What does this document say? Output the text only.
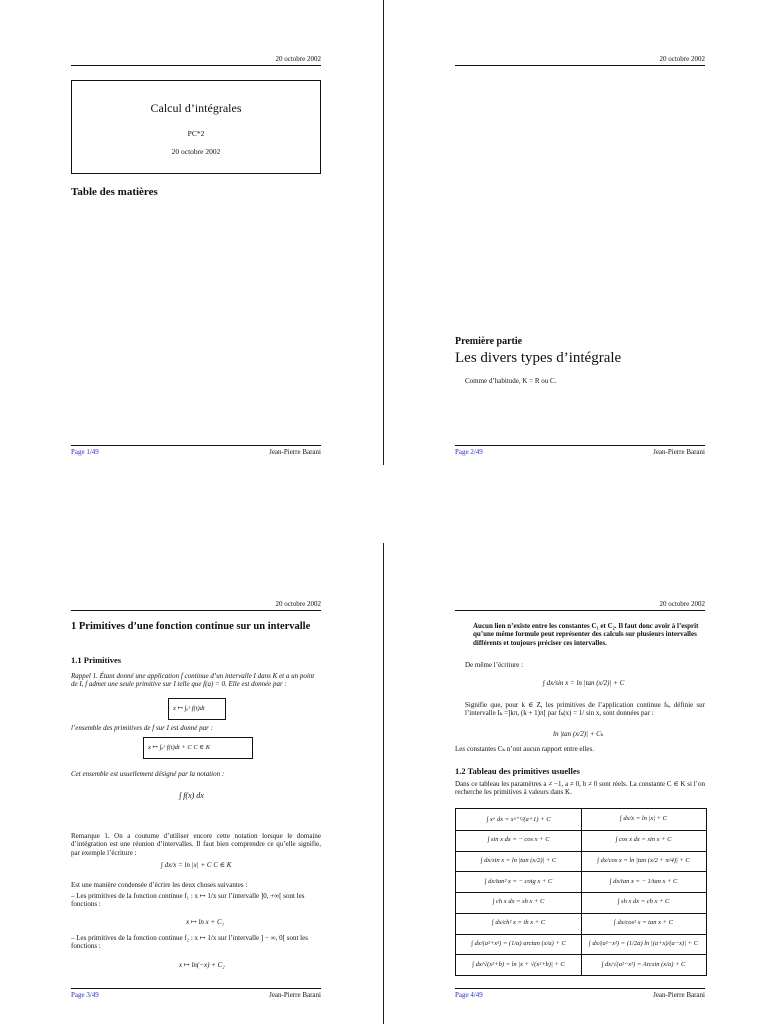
20 octobre 2002
Calcul d’intégrales
PC*2
20 octobre 2002
Table des matières
Page 1/49	Jean-Pierre Barani
20 octobre 2002
Première partie
Les divers types d’intégrale
Comme d’habitude, K = R ou C.
Page 2/49	Jean-Pierre Barani
20 octobre 2002
1 Primitives d’une fonction continue sur un intervalle
1.1 Primitives
Rappel 1. Étant donné une application f continue d’un intervalle I dans K et a un point de I, f admet une seule primitive sur I telle que f(a) = 0. Elle est donnée par :
x ↦ ∫ₐˣ f(t)dt
l’ensemble des primitives de f sur I est donné par :
x ↦ ∫ₐˣ f(t)dt + C C ∈ K
Cet ensemble est usuellement désigné par la notation :
∫ f(x) dx
Remarque 1. On a coutume d’utiliser encore cette notation lorsque le domaine d’intégration est une réunion d’intervalles. Il faut bien comprendre ce qu’elle signifie, par exemple l’écriture :
∫ dx/x = ln |x| + C C ∈ K
Est une manière condensée d’écrire les deux choses suivantes :
– Les primitives de la fonction continue f₁ : x ↦ 1/x sur l’intervalle ]0, +∞[ sont les fonctions :
x ↦ ln x + C₁
– Les primitives de la fonction continue f₂ : x ↦ 1/x sur l’intervalle ] − ∞, 0[ sont les fonctions :
x ↦ ln(−x) + C₂
Page 3/49	Jean-Pierre Barani
20 octobre 2002
Aucun lien n’existe entre les constantes C₁ et C₂. Il faut donc avoir à l’esprit qu’une même formule peut représenter des calculs sur plusieurs intervalles différents et toujours préciser ces intervalles.
De même l’écriture :
∫ dx/sin x = ln |tan (x/2)| + C
Signifie que, pour k ∈ Z, les primitives de l’application continue fₖ, définie sur l’intervalle Iₖ =]kπ, (k + 1)π[ par fₖ(x) = 1/ sin x, sont données par :
ln |tan (x/2)| + Cₖ
Les constantes Cₖ n’ont aucun rapport entre elles.
1.2 Tableau des primitives usuelles
Dans ce tableau les paramètres a ≠ −1, a ≠ 0, b ≠ 0 sont réels. La constante C ∈ K si l’on recherche les primitives à valeurs dans K.
∫ xᵃ dx = xᵃ⁺¹/(a+1) + C	∫ dx/x = ln |x| + C
∫ sin x dx = − cos x + C	∫ cos x dx = sin x + C
∫ dx/sin x = ln |tan (x/2)| + C	∫ dx/cos x = ln |tan (x/2 + π/4)| + C
∫ dx/tan² x = − cotg x + C	∫ dx/tan x = − 1/tan x + C
∫ ch x dx = sh x + C	∫ sh x dx = ch x + C
∫ dx/ch² x = th x + C	∫ dx/cos² x = tan x + C
∫ dx/(a²+x²) = (1/a) arctan (x/a) + C	∫ dx/(a²−x²) = (1/2a) ln |(a+x)/(a−x)| + C
∫ dx/√(x²+b) = ln |x + √(x²+b)| + C	∫ dx/√(a²−x²) = Arcsin (x/a) + C
Page 4/49	Jean-Pierre Barani
